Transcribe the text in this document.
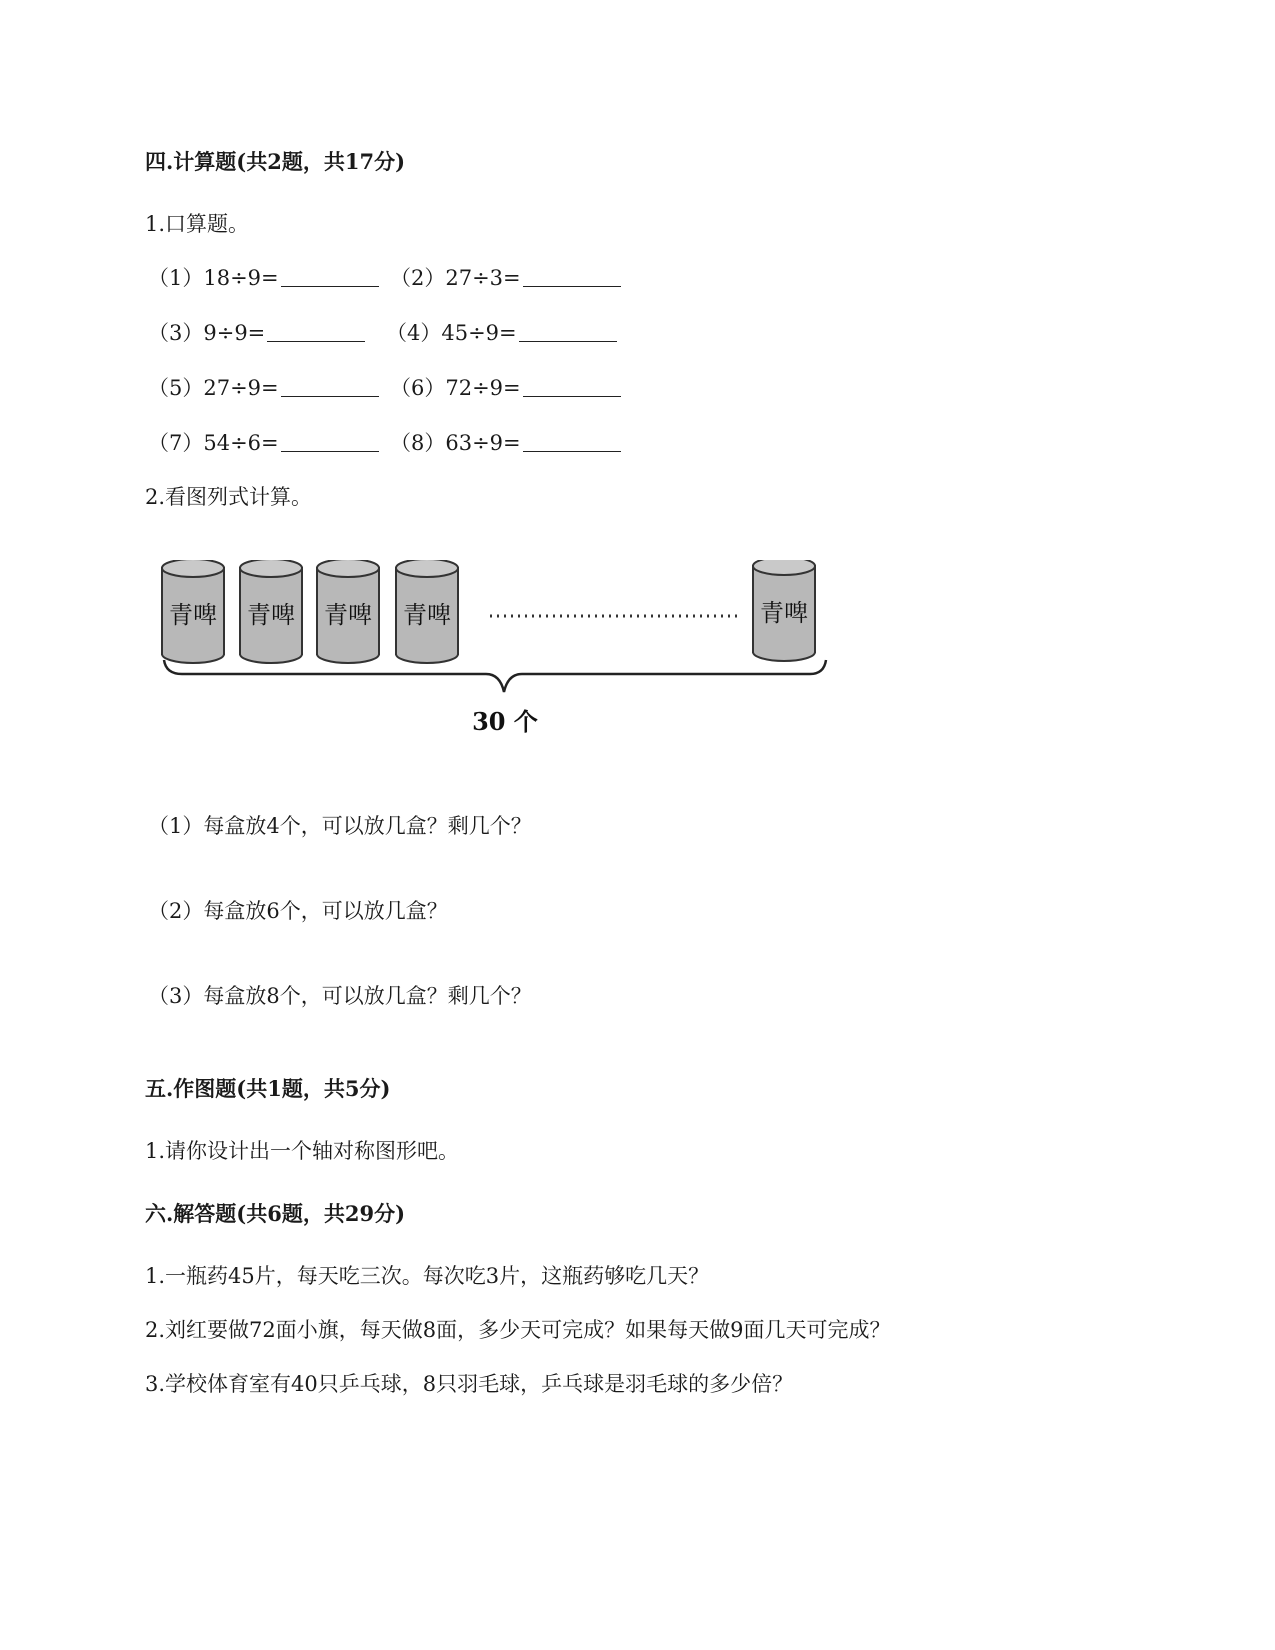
四.计算题(共2题，共17分)
1.口算题。
（1）18÷9=	（2）27÷3=
（3）9÷9=	（4）45÷9=
（5）27÷9=	（6）72÷9=
（7）54÷6=	（8）63÷9=
2.看图列式计算。
青啤 青啤 青啤 青啤	青啤
30 个
（1）每盒放4个，可以放几盒？剩几个？
（2）每盒放6个，可以放几盒？
（3）每盒放8个，可以放几盒？剩几个？
五.作图题(共1题，共5分)
1.请你设计出一个轴对称图形吧。
六.解答题(共6题，共29分)
1.一瓶药45片，每天吃三次。每次吃3片，这瓶药够吃几天？
2.刘红要做72面小旗，每天做8面，多少天可完成？如果每天做9面几天可完成？
3.学校体育室有40只乒乓球，8只羽毛球，乒乓球是羽毛球的多少倍？
